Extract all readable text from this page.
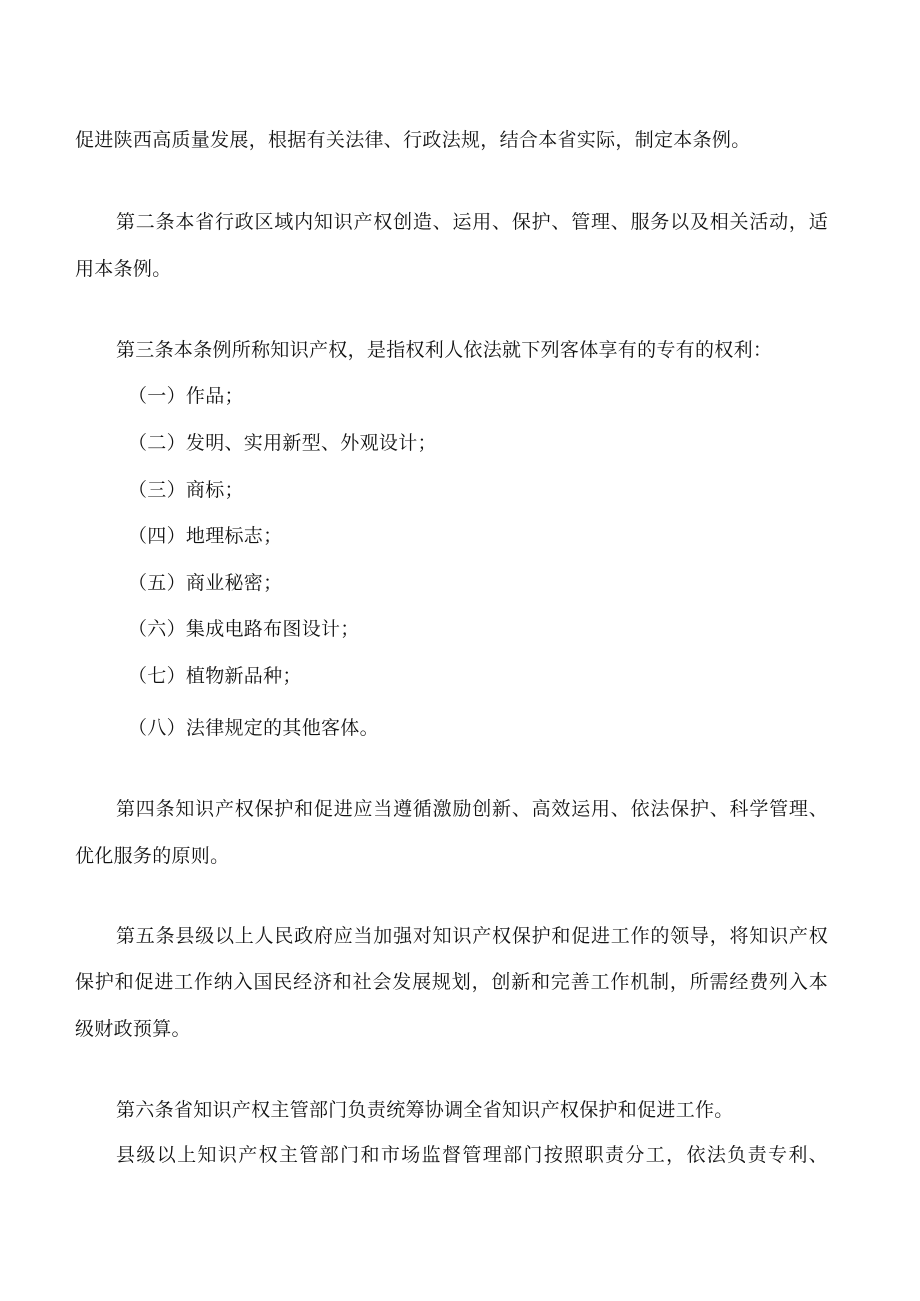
促进陕西高质量发展，根据有关法律、行政法规，结合本省实际，制定本条例。
第二条本省行政区域内知识产权创造、运用、保护、管理、服务以及相关活动，适
用本条例。
第三条本条例所称知识产权，是指权利人依法就下列客体享有的专有的权利：
（一）作品；
（二）发明、实用新型、外观设计；
（三）商标；
（四）地理标志；
（五）商业秘密；
（六）集成电路布图设计；
（七）植物新品种；
（八）法律规定的其他客体。
第四条知识产权保护和促进应当遵循激励创新、高效运用、依法保护、科学管理、
优化服务的原则。
第五条县级以上人民政府应当加强对知识产权保护和促进工作的领导，将知识产权
保护和促进工作纳入国民经济和社会发展规划，创新和完善工作机制，所需经费列入本
级财政预算。
第六条省知识产权主管部门负责统筹协调全省知识产权保护和促进工作。
县级以上知识产权主管部门和市场监督管理部门按照职责分工，依法负责专利、
